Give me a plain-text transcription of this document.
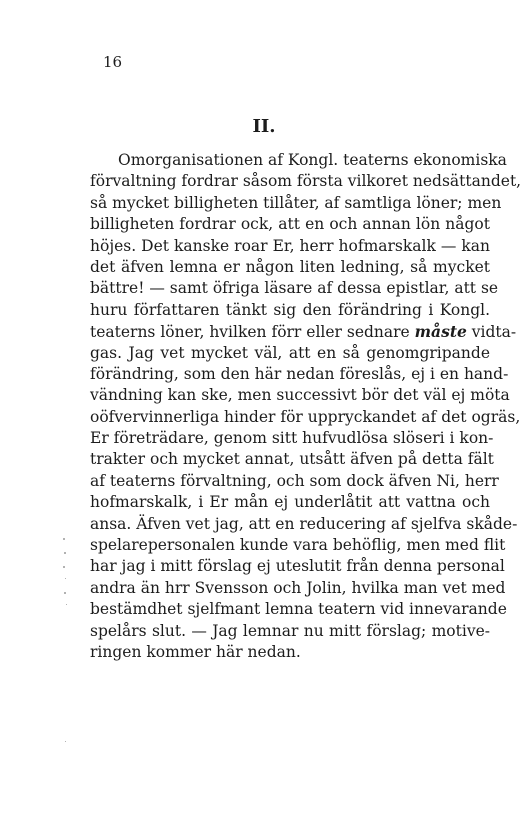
16
II.
Omorganisationen af Kongl. teaterns ekonomiska
förvaltning fordrar såsom första vilkoret nedsättandet,
så mycket billigheten tillåter, af samtliga löner; men
billigheten fordrar ock, att en och annan lön något
höjes. Det kanske roar Er, herr hofmarskalk — kan
det äfven lemna er någon liten ledning, så mycket
bättre! — samt öfriga läsare af dessa epistlar, att se
huru författaren tänkt sig den förändring i Kongl.
teaterns löner, hvilken förr eller sednare måste vidta-
gas. Jag vet mycket väl, att en så genomgripande
förändring, som den här nedan föreslås, ej i en hand-
vändning kan ske, men successivt bör det väl ej möta
oöfvervinnerliga hinder för uppryckandet af det ogräs,
Er företrädare, genom sitt hufvudlösa slöseri i kon-
trakter och mycket annat, utsått äfven på detta fält
af teaterns förvaltning, och som dock äfven Ni, herr
hofmarskalk, i Er mån ej underlåtit att vattna och
ansa. Äfven vet jag, att en reducering af sjelfva skåde-
spelarepersonalen kunde vara behöflig, men med flit
har jag i mitt förslag ej uteslutit från denna personal
andra än hrr Svensson och Jolin, hvilka man vet med
bestämdhet sjelfmant lemna teatern vid innevarande
spelårs slut. — Jag lemnar nu mitt förslag; motive-
ringen kommer här nedan.
